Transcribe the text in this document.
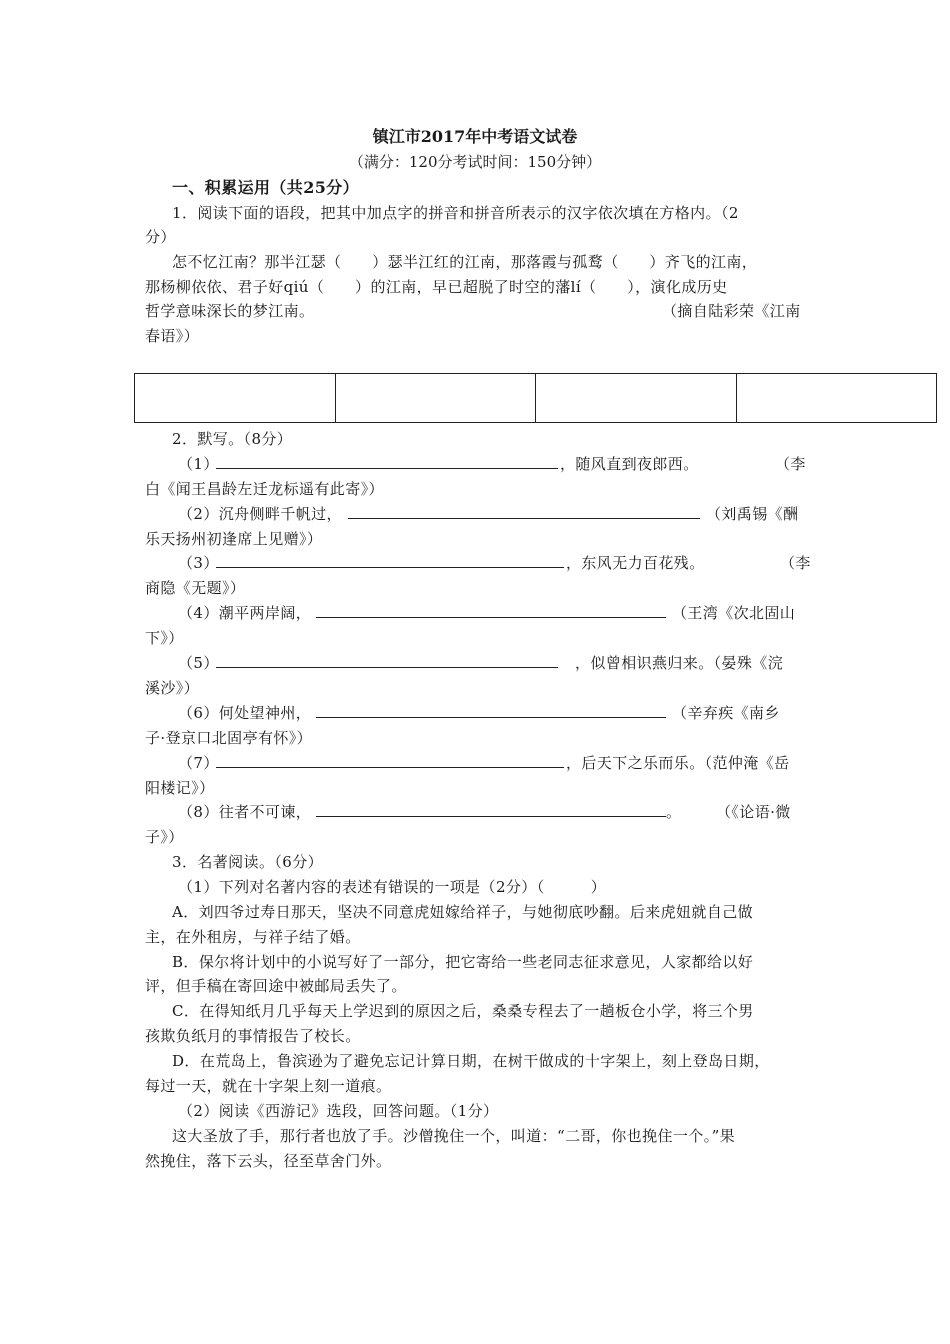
镇江市2017年中考语文试卷
（满分：120分考试时间：150分钟）
一、积累运用（共25分）
1．阅读下面的语段，把其中加点字的拼音和拼音所表示的汉字依次填在方格内。（2
分）
怎不忆江南？那半江瑟（　　）瑟半江红的江南，那落霞与孤鹜（　　）齐飞的江南，
那杨柳依依、君子好qiú（　　）的江南，早已超脱了时空的藩lí（　　），演化成历史
哲学意味深长的梦江南。	（摘自陆彩荣《江南
春语》）
2．默写。（8分）
（1）	，随风直到夜郎西。	（李
白《闻王昌龄左迁龙标遥有此寄》）
（2）沉舟侧畔千帆过，	（刘禹锡《酬
乐天扬州初逢席上见赠》）
（3）	，东风无力百花残。	（李
商隐《无题》）
（4）潮平两岸阔，	（王湾《次北固山
下》）
（5）	，似曾相识燕归来。（晏殊《浣
溪沙》）
（6）何处望神州，	（辛弃疾《南乡
子·登京口北固亭有怀》）
（7）	，后天下之乐而乐。（范仲淹《岳
阳楼记》）
（8）往者不可谏，	。 （《论语·微
子》）
3．名著阅读。（6分）
（1）下列对名著内容的表述有错误的一项是（2分）（　　　）
A．刘四爷过寿日那天，坚决不同意虎妞嫁给祥子，与她彻底吵翻。后来虎妞就自己做
主，在外租房，与祥子结了婚。
B．保尔将计划中的小说写好了一部分，把它寄给一些老同志征求意见，人家都给以好
评，但手稿在寄回途中被邮局丢失了。
C．在得知纸月几乎每天上学迟到的原因之后，桑桑专程去了一趟板仓小学，将三个男
孩欺负纸月的事情报告了校长。
D．在荒岛上，鲁滨逊为了避免忘记计算日期，在树干做成的十字架上，刻上登岛日期，
每过一天，就在十字架上刻一道痕。
（2）阅读《西游记》选段，回答问题。（1分）
这大圣放了手，那行者也放了手。沙僧挽住一个，叫道：“二哥，你也挽住一个。”果
然挽住，落下云头，径至草舍门外。
